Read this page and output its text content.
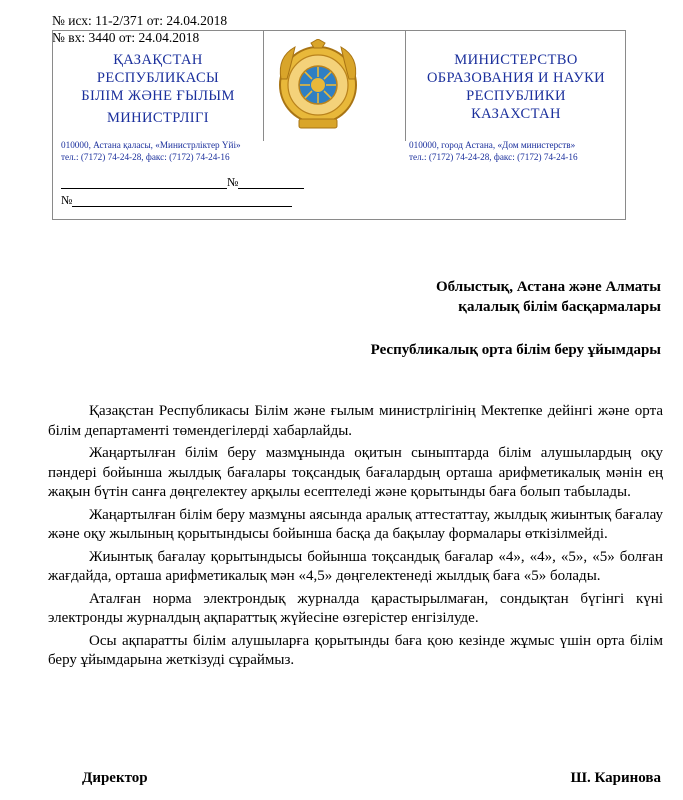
№ исх: 11-2/371 от: 24.04.2018
№ вх: 3440 от: 24.04.2018
ҚАЗАҚСТАН
РЕСПУБЛИКАСЫ
БІЛІМ ЖӘНЕ ҒЫЛЫМ
МИНИСТРЛІГІ
МИНИСТЕРСТВО
ОБРАЗОВАНИЯ И НАУКИ
РЕСПУБЛИКИ
КАЗАХСТАН
010000, Астана қаласы, «Министрліктер Үйі»
тел.: (7172) 74-24-28, факс: (7172) 74-24-16
010000, город Астана, «Дом министерств»
тел.: (7172) 74-24-28, факс: (7172) 74-24-16
№
№
Облыстық, Астана және Алматы
қалалық білім басқармалары
Республикалық орта білім беру ұйымдары

Қазақстан Республикасы Білім және ғылым министрлігінің Мектепке дейінгі және орта білім департаменті төмендегілерді хабарлайды.

Жаңартылған білім беру мазмұнында оқитын сыныптарда білім алушылардың оқу пәндері бойынша жылдық бағалары тоқсандық бағалардың орташа арифметикалық мәнін ең жақын бүтін санға дөңгелектеу арқылы есептеледі және қорытынды баға болып табылады.

Жаңартылған білім беру мазмұны аясында аралық аттестаттау, жылдық жиынтық бағалау және оқу жылының қорытындысы бойынша басқа да бақылау формалары өткізілмейді.

Жиынтық бағалау қорытындысы бойынша тоқсандық бағалар «4», «4», «5», «5» болған жағдайда, орташа арифметикалық мән «4,5» дөңгелектенеді жылдық баға «5» болады.

Аталған норма электрондық журналда қарастырылмаған, сондықтан бүгінгі күні электронды журналдың ақпараттық жүйесіне өзгерістер енгізілуде.

Осы ақпаратты білім алушыларға қорытынды баға қою кезінде жұмыс үшін орта білім беру ұйымдарына жеткізуді сұраймыз.

Директор	Ш. Каринова
